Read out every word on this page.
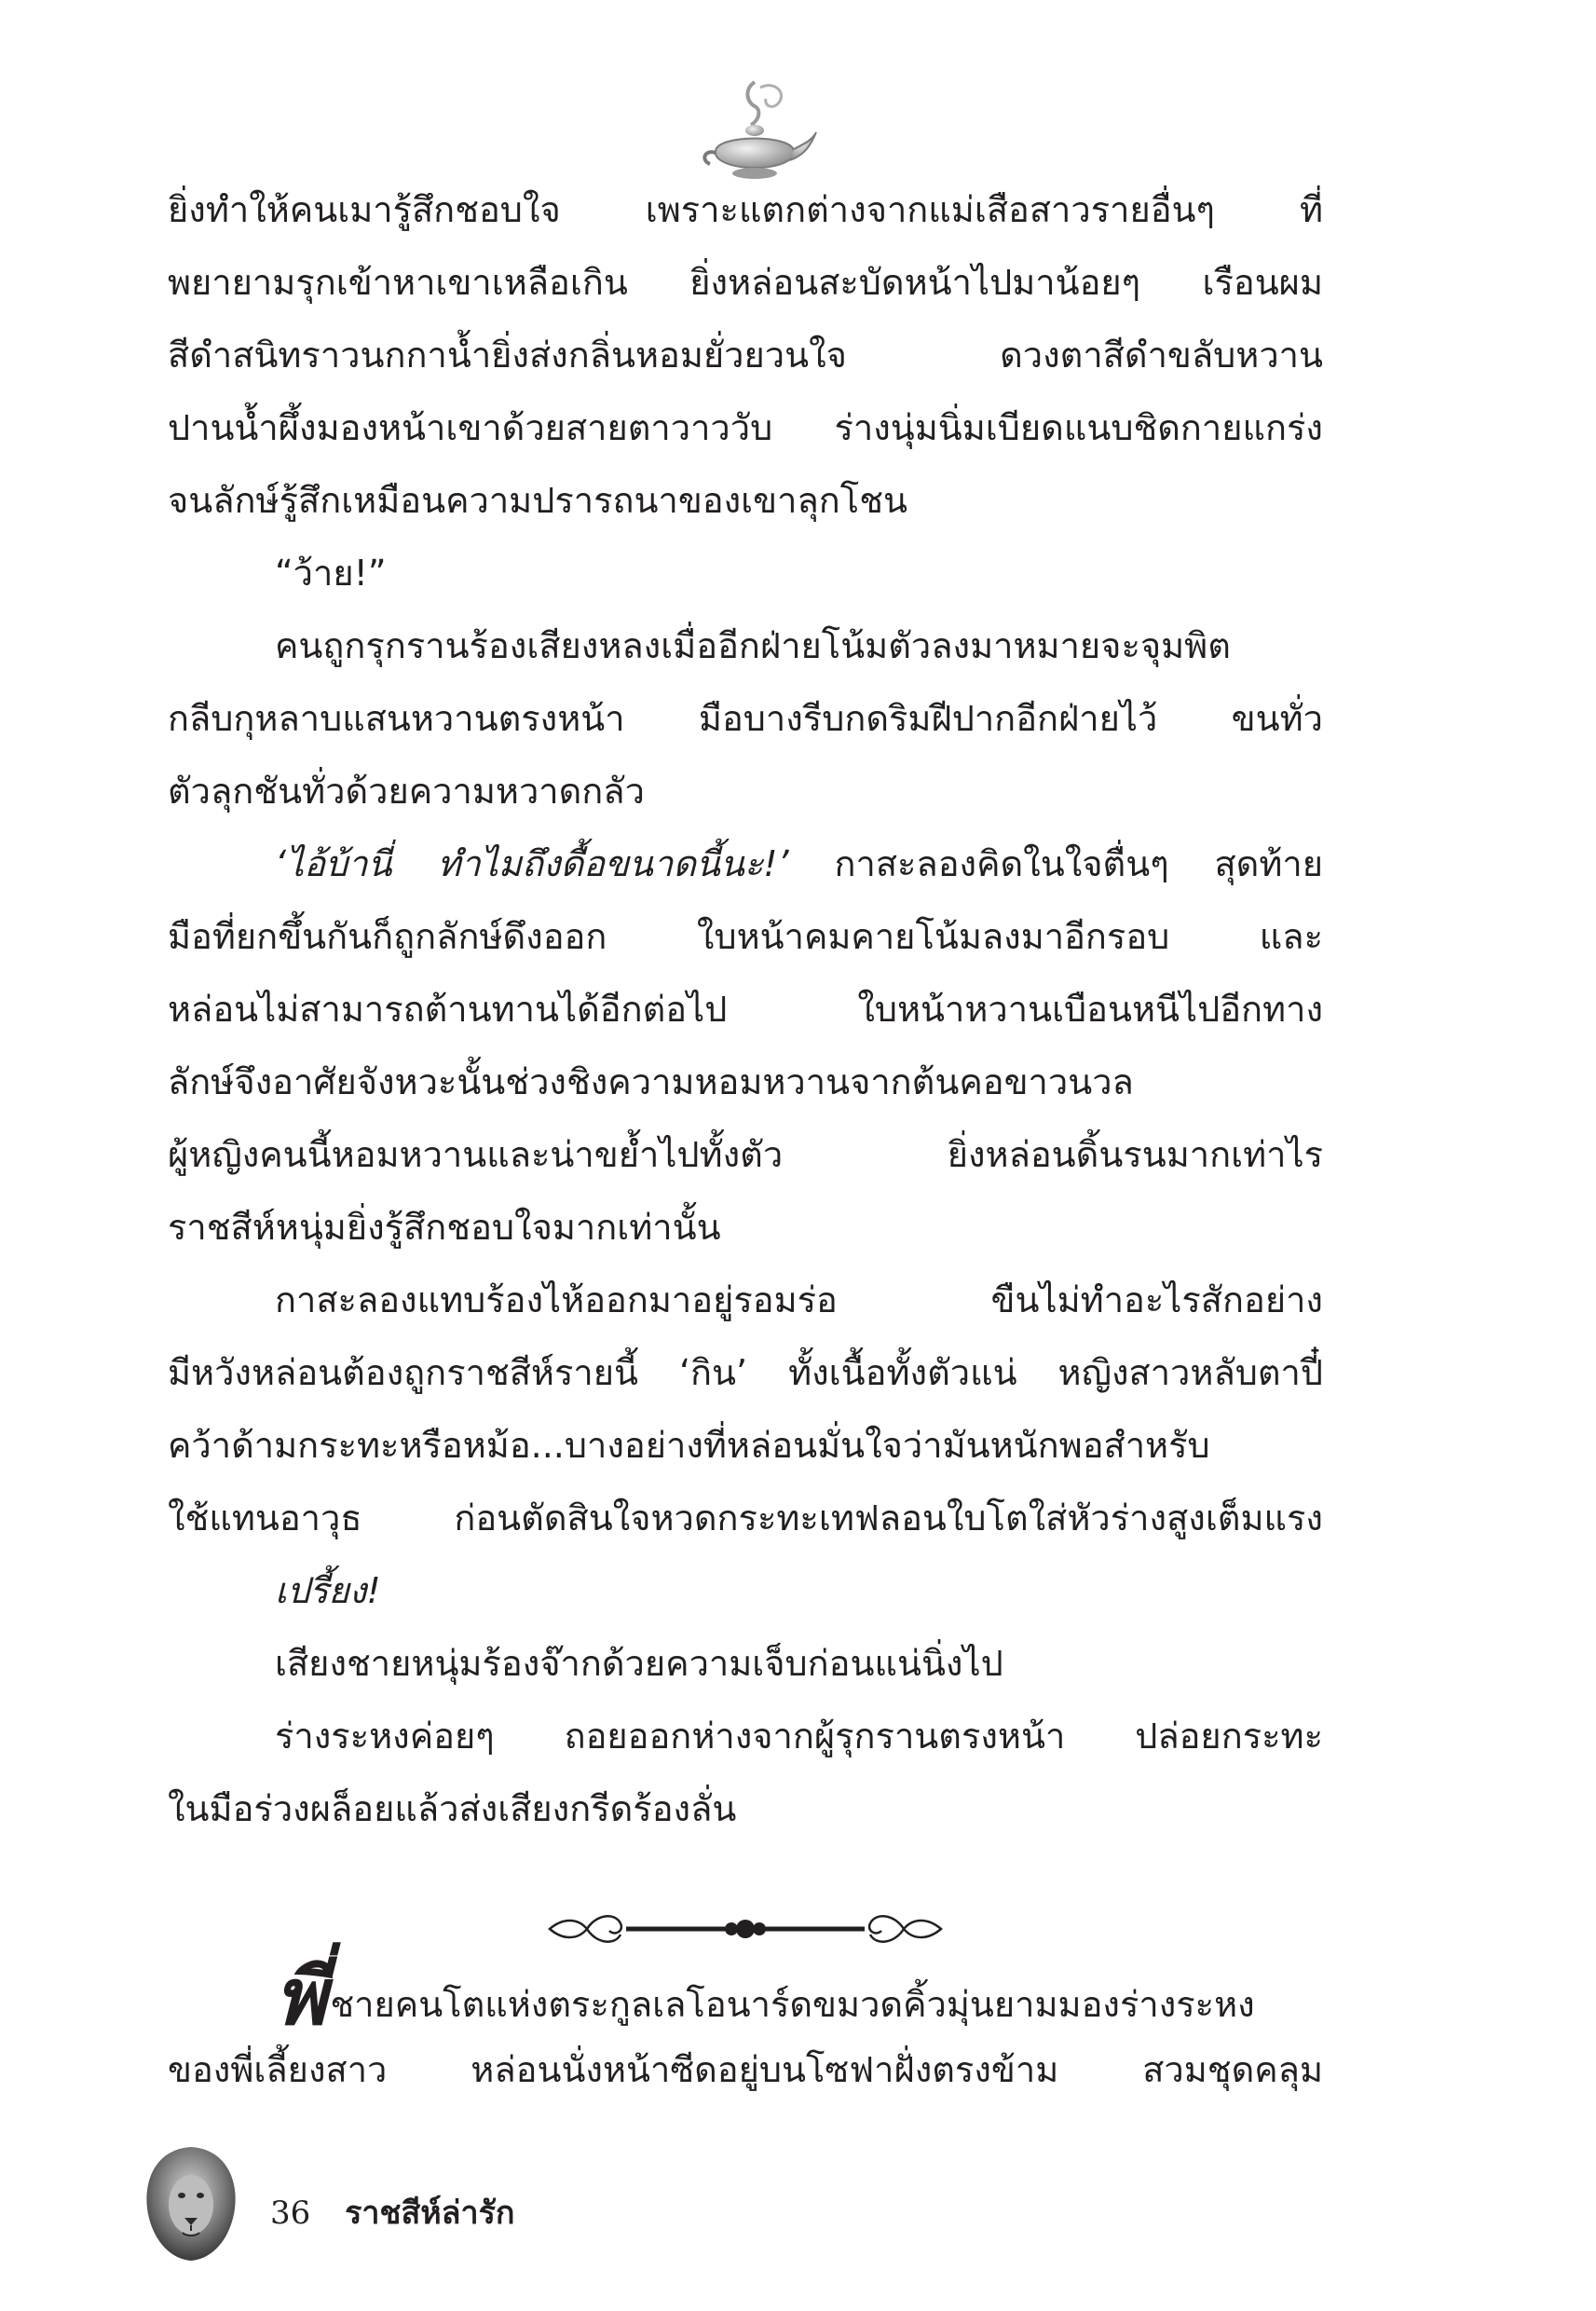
ยิ่งทำให้คนเมารู้สึกชอบใจ เพราะแตกต่างจากแม่เสือสาวรายอื่นๆ ที่
พยายามรุกเข้าหาเขาเหลือเกิน ยิ่งหล่อนสะบัดหน้าไปมาน้อยๆ เรือนผม
สีดำสนิทราวนกกาน้ำยิ่งส่งกลิ่นหอมยั่วยวนใจ ดวงตาสีดำขลับหวาน
ปานน้ำผึ้งมองหน้าเขาด้วยสายตาวาววับ ร่างนุ่มนิ่มเบียดแนบชิดกายแกร่ง
จนลักษ์รู้สึกเหมือนความปรารถนาของเขาลุกโชน
“ว้าย!”
คนถูกรุกรานร้องเสียงหลงเมื่ออีกฝ่ายโน้มตัวลงมาหมายจะจุมพิต
กลีบกุหลาบแสนหวานตรงหน้า มือบางรีบกดริมฝีปากอีกฝ่ายไว้ ขนทั่ว
ตัวลุกชันทั่วด้วยความหวาดกลัว
‘ไอ้บ้านี่ ทำไมถึงดื้อขนาดนี้นะ!’ กาสะลองคิดในใจตื่นๆ สุดท้าย
มือที่ยกขึ้นกันก็ถูกลักษ์ดึงออก ใบหน้าคมคายโน้มลงมาอีกรอบ และ
หล่อนไม่สามารถต้านทานได้อีกต่อไป ใบหน้าหวานเบือนหนีไปอีกทาง
ลักษ์จึงอาศัยจังหวะนั้นช่วงชิงความหอมหวานจากต้นคอขาวนวล
ผู้หญิงคนนี้หอมหวานและน่าขย้ำไปทั้งตัว ยิ่งหล่อนดิ้นรนมากเท่าไร
ราชสีห์หนุ่มยิ่งรู้สึกชอบใจมากเท่านั้น
กาสะลองแทบร้องไห้ออกมาอยู่รอมร่อ ขืนไม่ทำอะไรสักอย่าง
มีหวังหล่อนต้องถูกราชสีห์รายนี้ ‘กิน’ ทั้งเนื้อทั้งตัวแน่ หญิงสาวหลับตาปี๋
คว้าด้ามกระทะหรือหม้อ...บางอย่างที่หล่อนมั่นใจว่ามันหนักพอสำหรับ
ใช้แทนอาวุธ ก่อนตัดสินใจหวดกระทะเทฟลอนใบโตใส่หัวร่างสูงเต็มแรง
เปรี้ยง!
เสียงชายหนุ่มร้องจ๊ากด้วยความเจ็บก่อนแน่นิ่งไป
ร่างระหงค่อยๆ ถอยออกห่างจากผู้รุกรานตรงหน้า ปล่อยกระทะ
ในมือร่วงผล็อยแล้วส่งเสียงกรีดร้องลั่น
พี่ชายคนโตแห่งตระกูลเลโอนาร์ดขมวดคิ้วมุ่นยามมองร่างระหง
ของพี่เลี้ยงสาว หล่อนนั่งหน้าซีดอยู่บนโซฟาฝั่งตรงข้าม สวมชุดคลุม
36 ราชสีห์ล่ารัก
